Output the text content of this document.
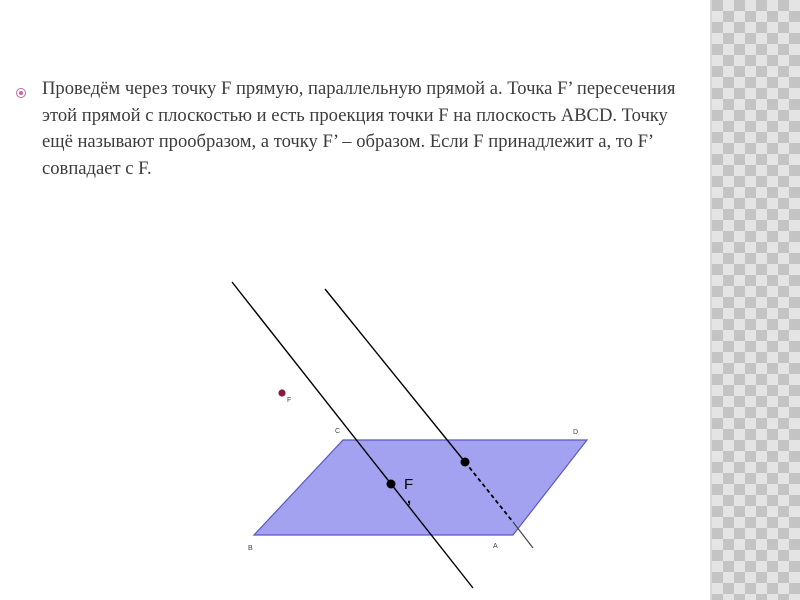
Проведём через точку F прямую, параллельную прямой а. Точка F’ пересечения этой прямой с плоскостью и есть проекция точки F на плоскость ABCD. Точку ещё называют прообразом, а точку F’ – образом. Если F принадлежит а, то F’ совпадает с F.
F
F
,
C	D
B	A
